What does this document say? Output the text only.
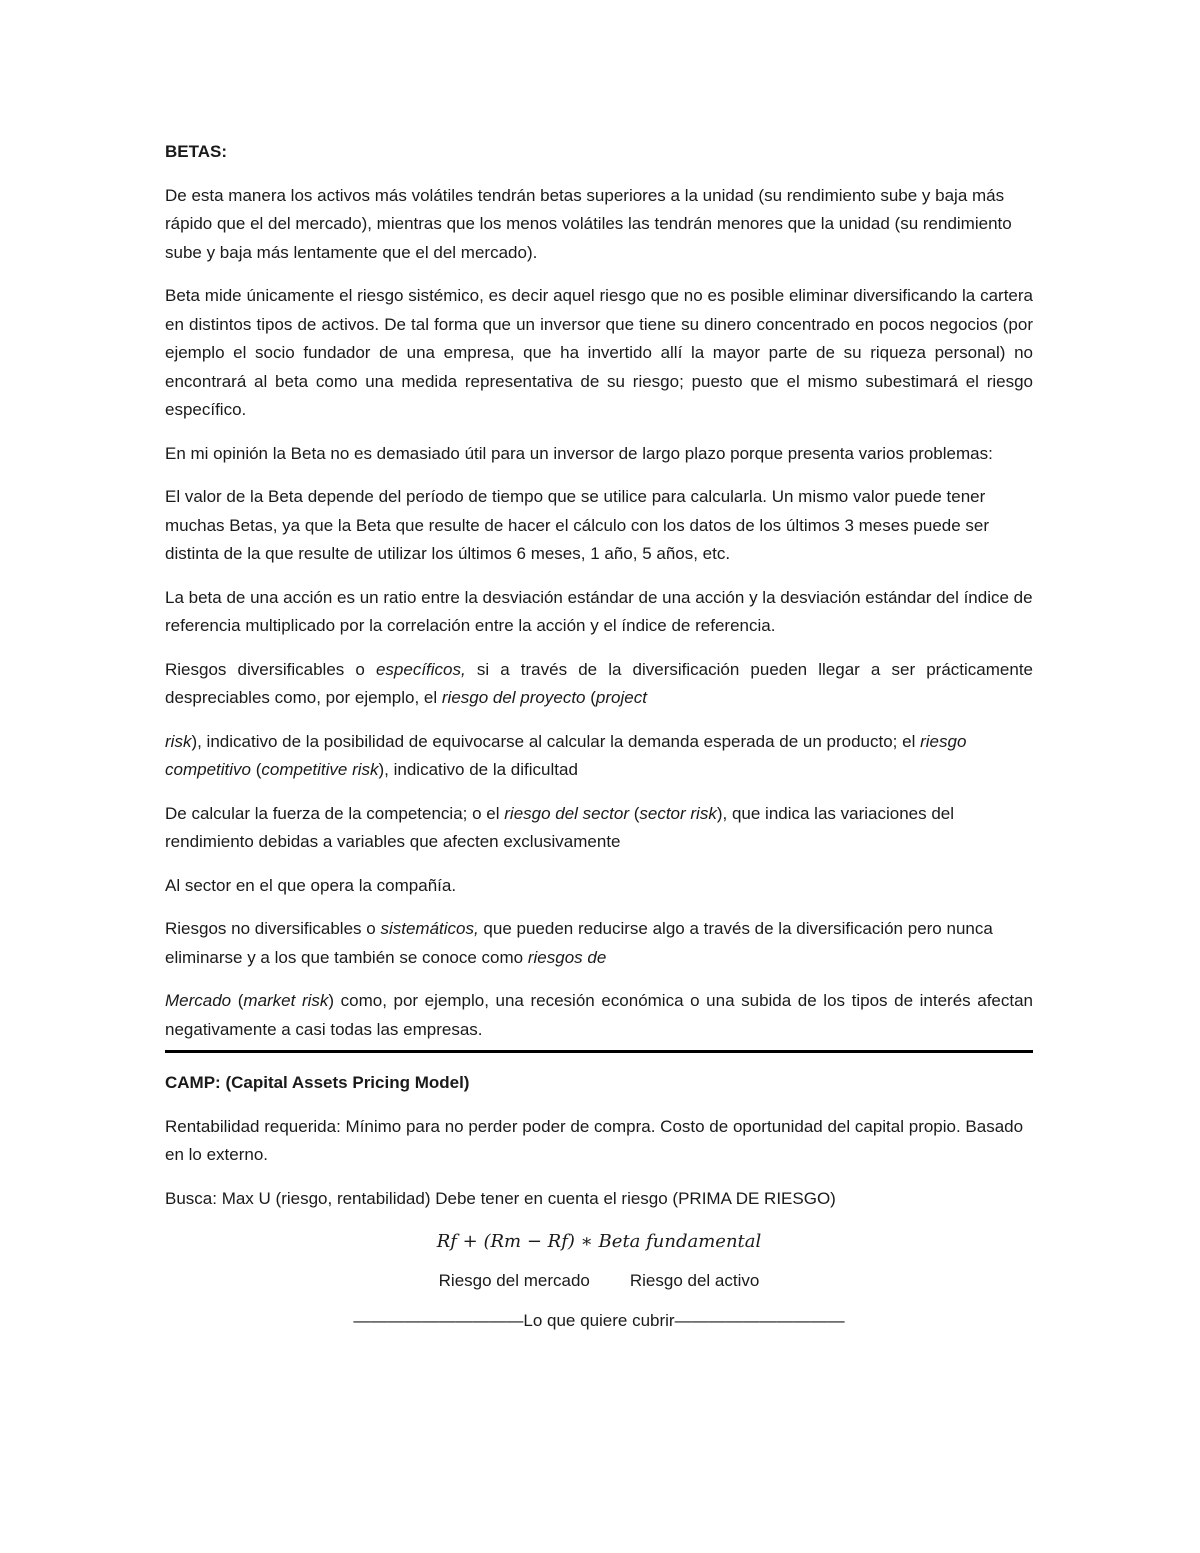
BETAS:

De esta manera los activos más volátiles tendrán betas superiores a la unidad (su rendimiento sube y baja más rápido que el del mercado), mientras que los menos volátiles las tendrán menores que la unidad (su rendimiento sube y baja más lentamente que el del mercado).

Beta mide únicamente el riesgo sistémico, es decir aquel riesgo que no es posible eliminar diversificando la cartera en distintos tipos de activos. De tal forma que un inversor que tiene su dinero concentrado en pocos negocios (por ejemplo el socio fundador de una empresa, que ha invertido allí la mayor parte de su riqueza personal) no encontrará al beta como una medida representativa de su riesgo; puesto que el mismo subestimará el riesgo específico.

En mi opinión la Beta no es demasiado útil para un inversor de largo plazo porque presenta varios problemas:

El valor de la Beta depende del período de tiempo que se utilice para calcularla. Un mismo valor puede tener muchas Betas, ya que la Beta que resulte de hacer el cálculo con los datos de los últimos 3 meses puede ser distinta de la que resulte de utilizar los últimos 6 meses, 1 año, 5 años, etc.

La beta de una acción es un ratio entre la desviación estándar de una acción y la desviación estándar del índice de referencia multiplicado por la correlación entre la acción y el índice de referencia.

Riesgos diversificables o específicos, si a través de la diversificación pueden llegar a ser prácticamente despreciables como, por ejemplo, el riesgo del proyecto (project

risk), indicativo de la posibilidad de equivocarse al calcular la demanda esperada de un producto; el riesgo competitivo (competitive risk), indicativo de la dificultad

De calcular la fuerza de la competencia; o el riesgo del sector (sector risk), que indica las variaciones del rendimiento debidas a variables que afecten exclusivamente

Al sector en el que opera la compañía.

Riesgos no diversificables o sistemáticos, que pueden reducirse algo a través de la diversificación pero nunca eliminarse y a los que también se conoce como riesgos de

Mercado (market risk) como, por ejemplo, una recesión económica o una subida de los tipos de interés afectan negativamente a casi todas las empresas.

CAMP: (Capital Assets Pricing Model)

Rentabilidad requerida: Mínimo para no perder poder de compra. Costo de oportunidad del capital propio. Basado en lo externo.

Busca: Max U (riesgo, rentabilidad) Debe tener en cuenta el riesgo (PRIMA DE RIESGO)

Rf + (Rm − Rf) ∗ Beta fundamental
Riesgo del mercado Riesgo del activo
——————————Lo que quiere cubrir——————————
